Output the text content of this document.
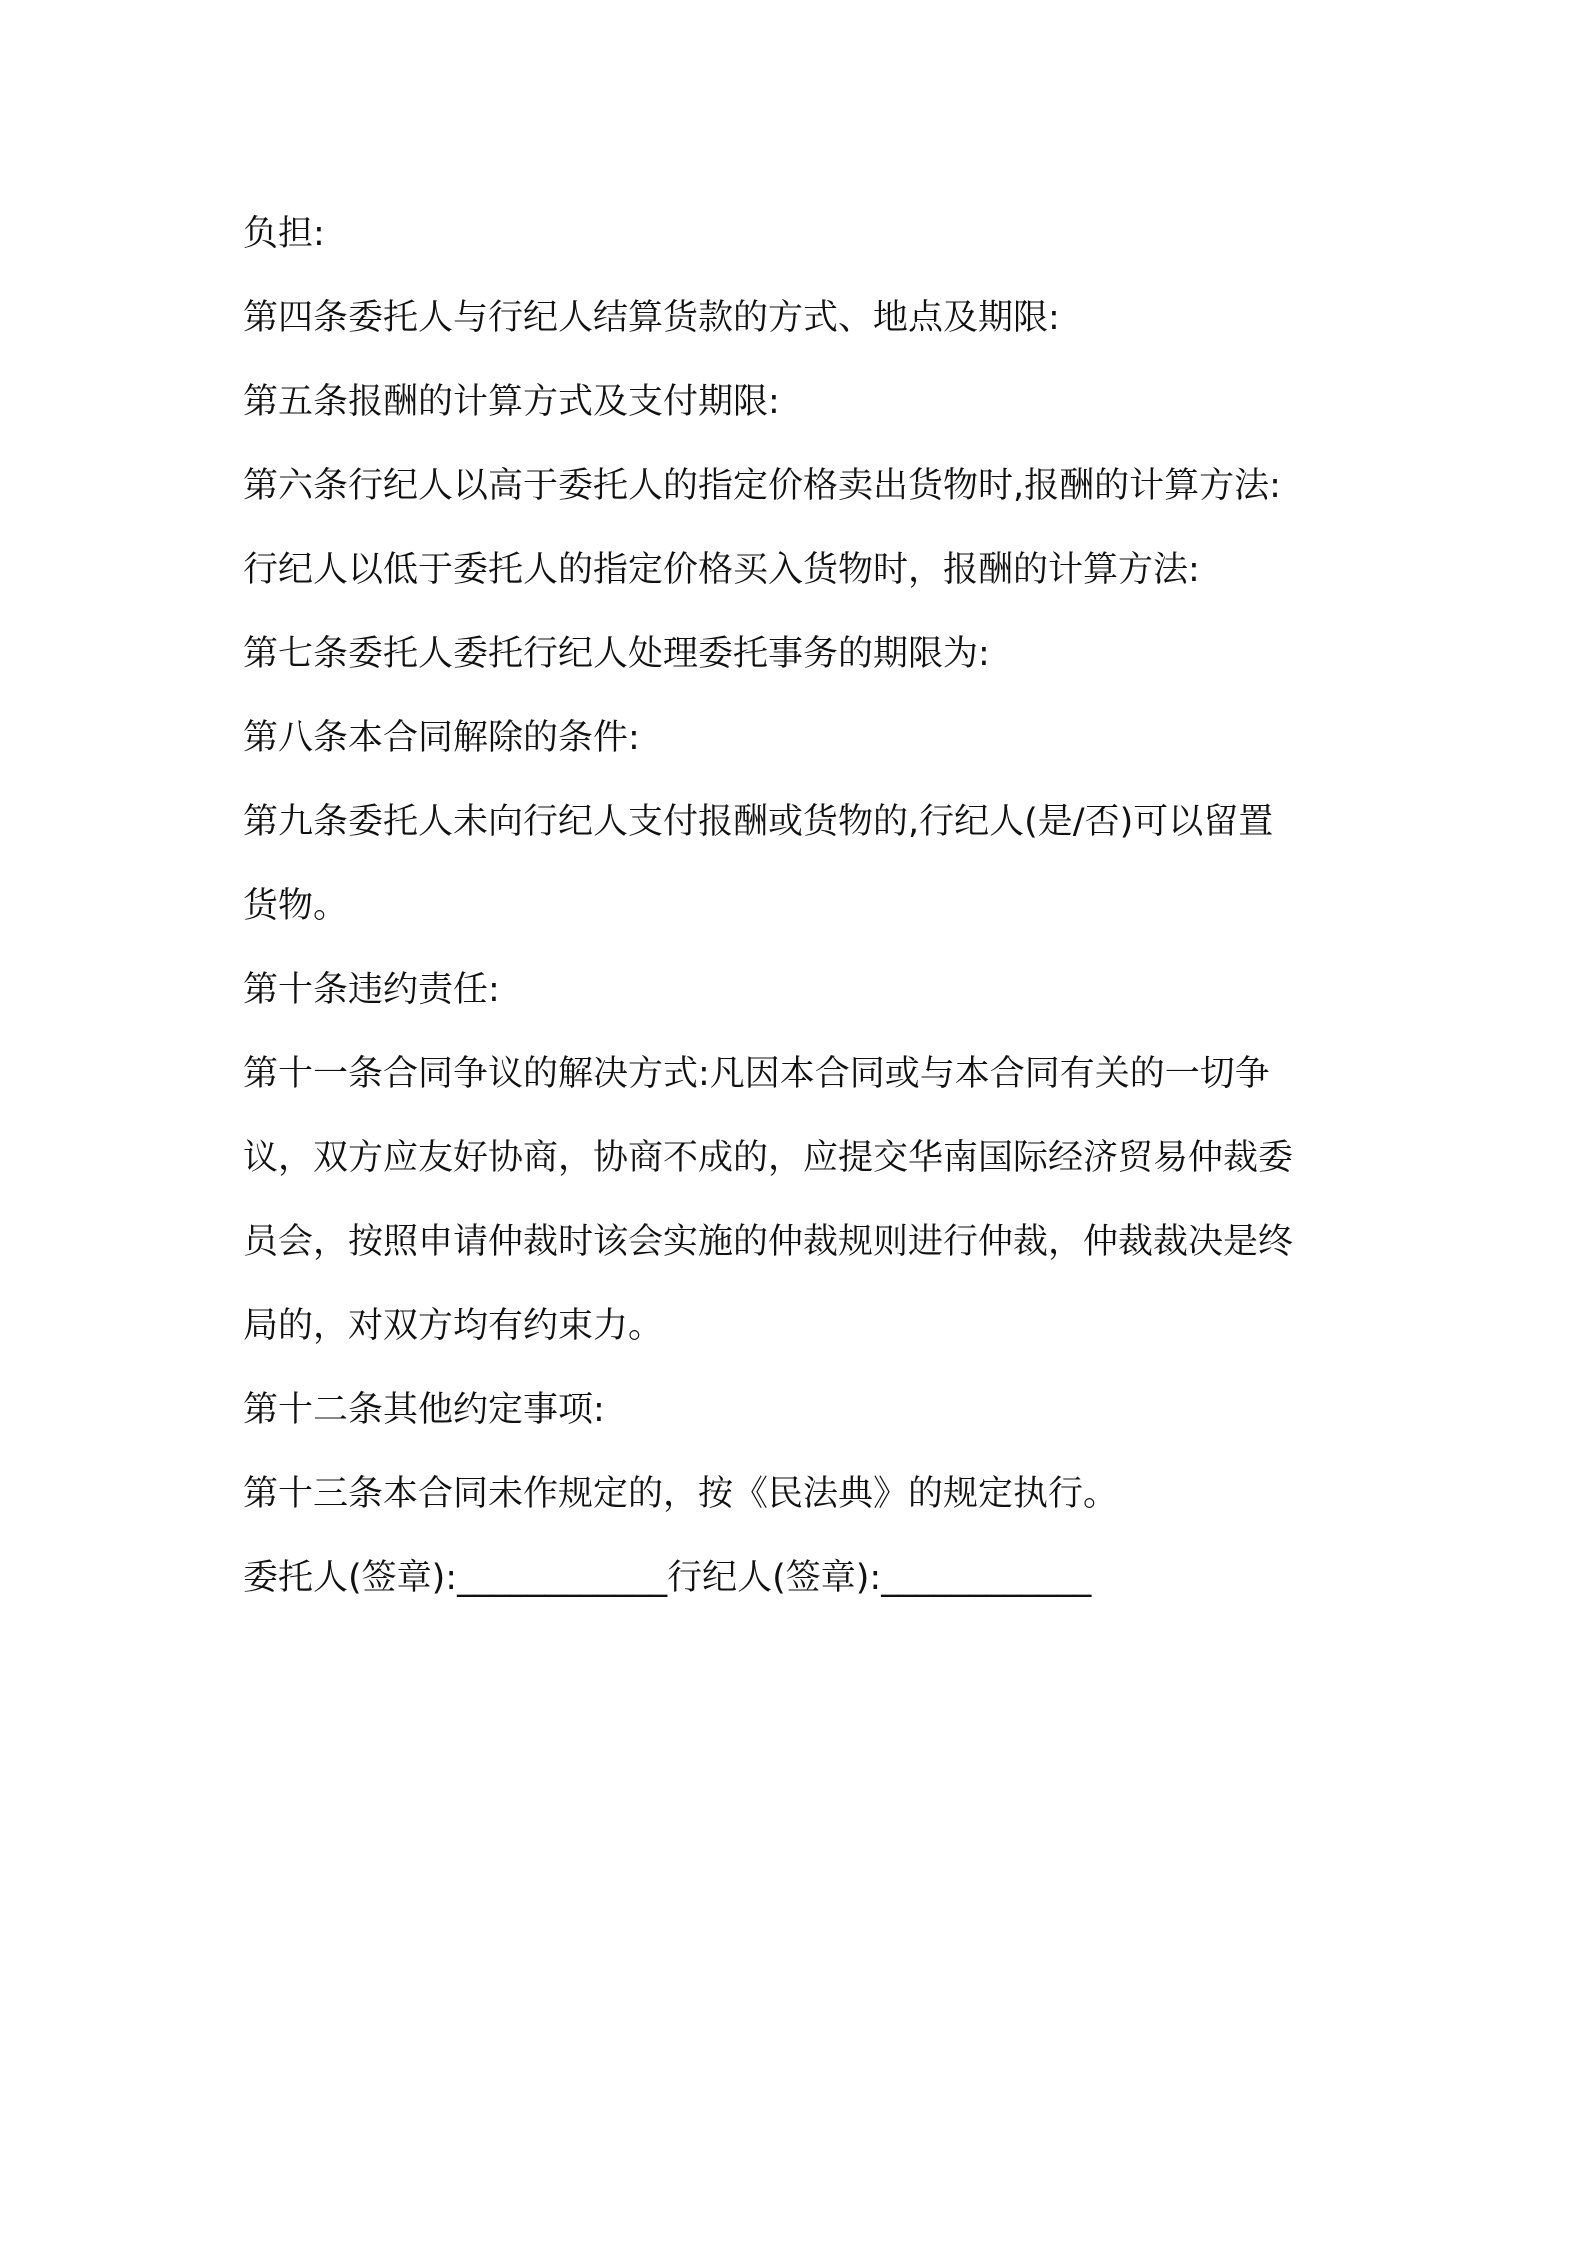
负担:
第四条委托人与行纪人结算货款的方式、地点及期限:
第五条报酬的计算方式及支付期限:
第六条行纪人以高于委托人的指定价格卖出货物时,报酬的计算方法:
行纪人以低于委托人的指定价格买入货物时，报酬的计算方法:
第七条委托人委托行纪人处理委托事务的期限为:
第八条本合同解除的条件:
第九条委托人未向行纪人支付报酬或货物的,行纪人(是/否)可以留置
货物。
第十条违约责任:
第十一条合同争议的解决方式:凡因本合同或与本合同有关的一切争
议，双方应友好协商，协商不成的，应提交华南国际经济贸易仲裁委
员会，按照申请仲裁时该会实施的仲裁规则进行仲裁，仲裁裁决是终
局的，对双方均有约束力。
第十二条其他约定事项:
第十三条本合同未作规定的，按《民法典》的规定执行。
委托人(签章):____________行纪人(签章):____________
